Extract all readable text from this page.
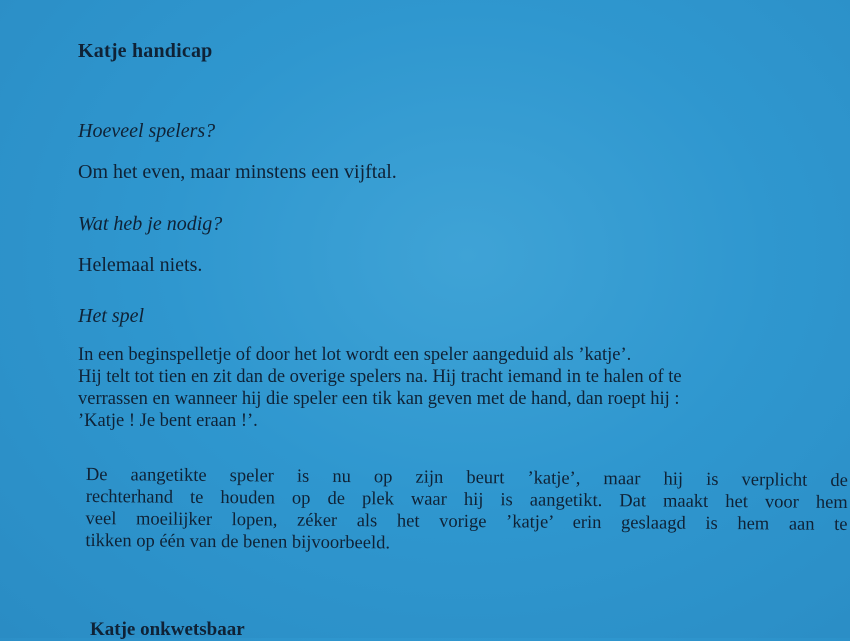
Katje handicap
Hoeveel spelers?
Om het even, maar minstens een vijftal.
Wat heb je nodig?
Helemaal niets.
Het spel
In een beginspelletje of door het lot wordt een speler aangeduid als ’katje’.
Hij telt tot tien en zit dan de overige spelers na. Hij tracht iemand in te halen of te
verrassen en wanneer hij die speler een tik kan geven met de hand, dan roept hij :
’Katje ! Je bent eraan !’.
De aangetikte speler is nu op zijn beurt ’katje’, maar hij is verplicht de
rechterhand te houden op de plek waar hij is aangetikt. Dat maakt het voor hem
veel moeilijker lopen, zéker als het vorige ’katje’ erin geslaagd is hem aan te
tikken op één van de benen bijvoorbeeld.
Katje onkwetsbaar
